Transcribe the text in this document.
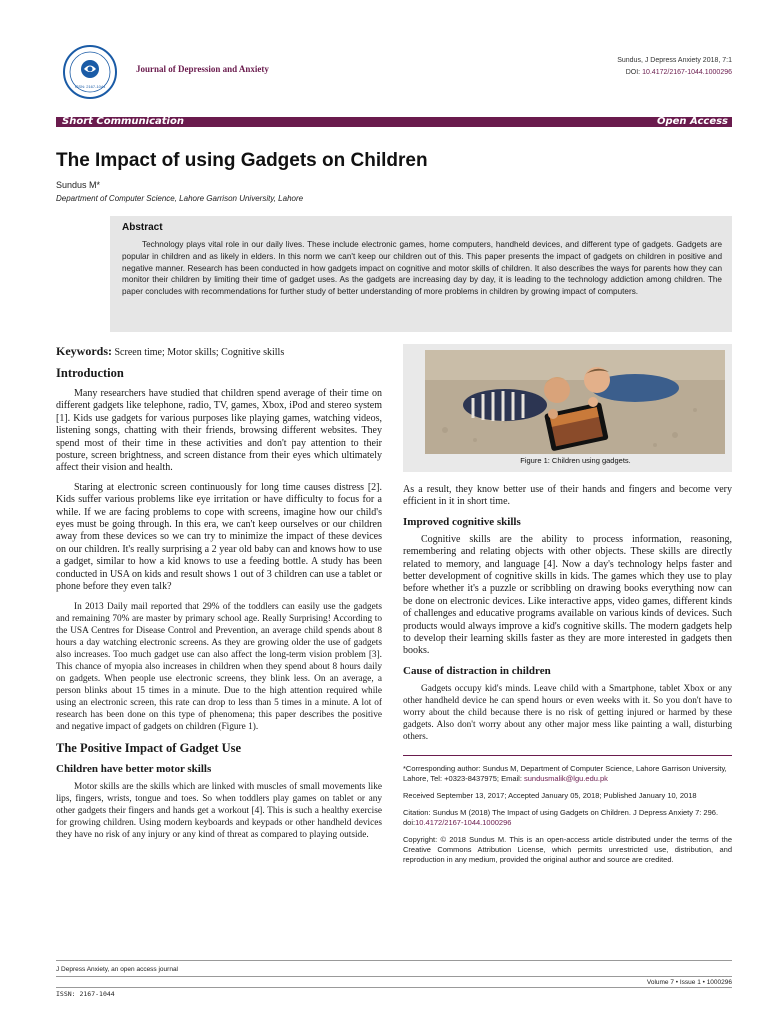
ISSN: 2167-1044
Journal of Depression and Anxiety
Sundus, J Depress Anxiety 2018, 7:1
DOI: 10.4172/2167-1044.1000296
Short Communication	Open Access
The Impact of using Gadgets on Children
Sundus M*
Department of Computer Science, Lahore Garrison University, Lahore
Abstract

Technology plays vital role in our daily lives. These include electronic games, home computers, handheld devices, and different type of gadgets. Gadgets are popular in children and as likely in elders. In this norm we can't keep our children out of this. This paper presents the impact of gadgets on children in positive and negative manner. Research has been conducted in how gadgets impact on cognitive and motor skills of children. It also describes the ways for parents how they can monitor their children by limiting their time of gadget uses. As the gadgets are increasing day by day, it is leading to the technology addiction among children. The paper concludes with recommendations for further study of better understanding of more problems in children by growing impact of computers.

Keywords: Screen time; Motor skills; Cognitive skills
Introduction

Many researchers have studied that children spend average of their time on different gadgets like telephone, radio, TV, games, Xbox, iPod and stereo system [1]. Kids use gadgets for various purposes like playing games, watching videos, listening songs, chatting with their friends, browsing different websites. They spend most of their time in these activities and don't pay attention to their posture, screen brightness, and screen distance from their eyes which ultimately affect their vision and health.

Staring at electronic screen continuously for long time causes distress [2]. Kids suffer various problems like eye irritation or have difficulty to focus for a while. If we are facing problems to cope with screens, imagine how our child's eyes must be going through. In this era, we can't keep ourselves or our children away from these devices so we can try to minimize the impact of these devices on our children. It's really surprising a 2 year old baby can and knows how to use a gadget, similar to how a kid knows to use a feeding bottle. A study has been conducted in USA on kids and result shows 1 out of 3 children can use a tablet or phone before they even talk?

In 2013 Daily mail reported that 29% of the toddlers can easily use the gadgets and remaining 70% are master by primary school age. Really Surprising! According to the USA Centres for Disease Control and Prevention, an average child spends about 8 hours a day watching electronic screens. As they are growing older the use of gadgets also increases. Too much gadget use can also affect the long-term vision problem [3]. This chance of myopia also increases in children when they spend about 8 hours daily on gadgets. When people use electronic screens, they blink less. On an average, a person blinks about 15 times in a minute. Due to the high attention required while using an electronic screen, this rate can drop to less than 5 times in a minute. A lot of research has been done on this type of phenomena; this paper describes the positive and negative impact of gadgets on children (Figure 1).

The Positive Impact of Gadget Use
Children have better motor skills

Motor skills are the skills which are linked with muscles of small movements like lips, fingers, wrists, tongue and toes. So when toddlers play games on tablet or any other gadgets their fingers and hands get a workout [4]. This is such a healthy exercise for growing children. Using modern keyboards and keypads or other handheld devices they have no risk of any injury or any kind of threat as compared to playing outside.

Figure 1: Children using gadgets.

As a result, they know better use of their hands and fingers and become very efficient in it in short time.

Improved cognitive skills

Cognitive skills are the ability to process information, reasoning, remembering and relating objects with other objects. These skills are directly related to memory, and language [4]. Now a day's technology helps faster and better development of cognitive skills in kids. The games which they use to play before whether it's a puzzle or scribbling on drawing books everything now can be done on electronic devices. Like interactive apps, video games, different kinds of challenges and educative programs available on various kinds of devices. Such products would always improve a kid's cognitive skills. The modern gadgets help to develop their learning skills faster as they are more interested in gadgets then books.

Cause of distraction in children

Gadgets occupy kid's minds. Leave child with a Smartphone, tablet Xbox or any other handheld device he can spend hours or even weeks with it. So you don't have to worry about the child because there is no risk of getting injured or harmed by these gadgets. Also don't worry about any other major mess like painting a wall, disturbing others.

*Corresponding author: Sundus M, Department of Computer Science, Lahore Garrison University, Lahore, Tel: +0323-8437975; Email: sundusmalik@lgu.edu.pk

Received September 13, 2017; Accepted January 05, 2018; Published January 10, 2018

Citation: Sundus M (2018) The Impact of using Gadgets on Children. J Depress Anxiety 7: 296. doi:10.4172/2167-1044.1000296

Copyright: © 2018 Sundus M. This is an open-access article distributed under the terms of the Creative Commons Attribution License, which permits unrestricted use, distribution, and reproduction in any medium, provided the original author and source are credited.

J Depress Anxiety, an open access journal
Volume 7 • Issue 1 • 1000296
ISSN: 2167-1044
